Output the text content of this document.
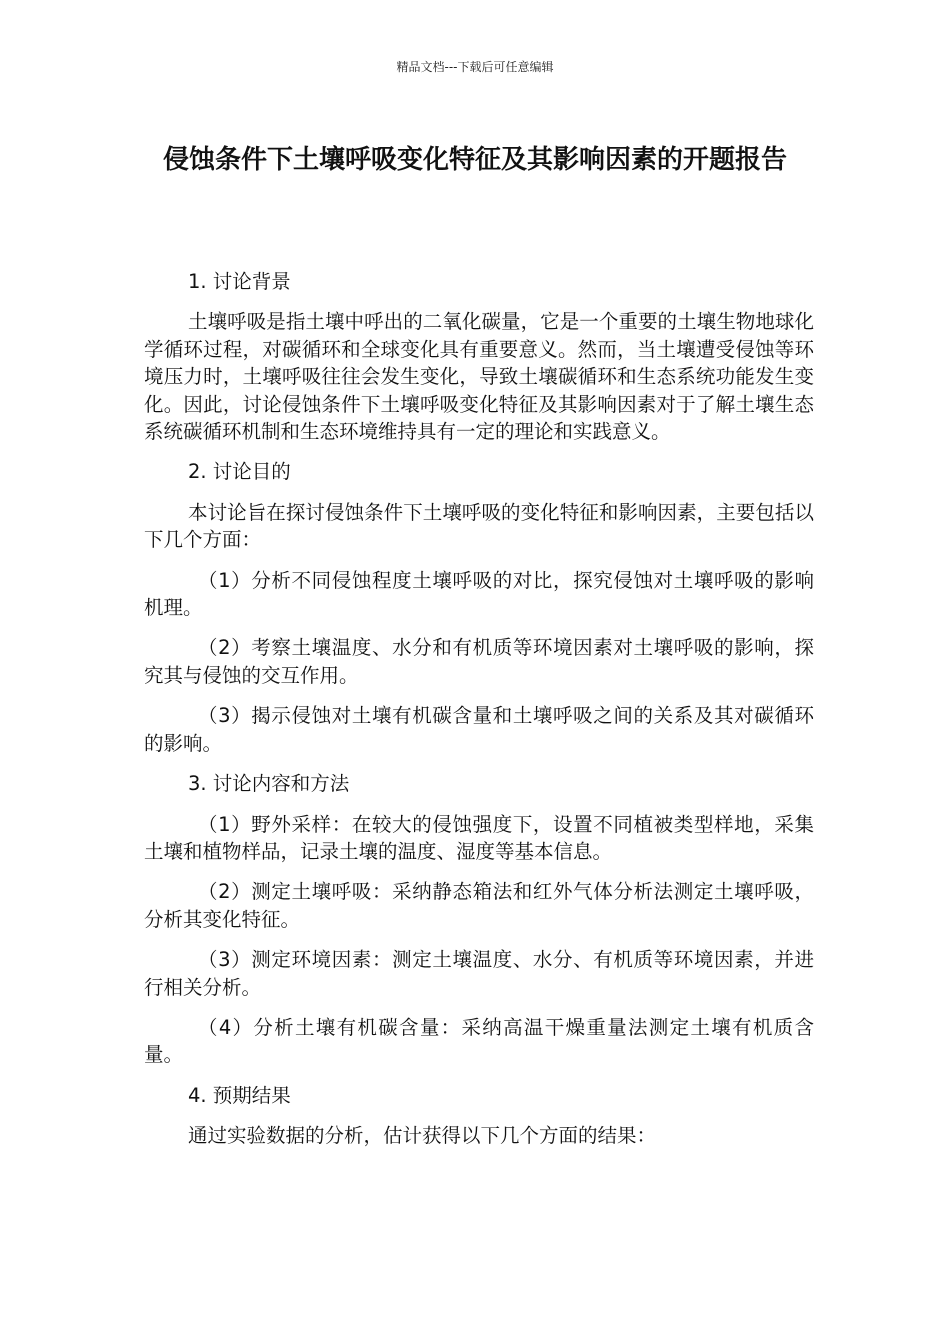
精品文档---下载后可任意编辑
侵蚀条件下土壤呼吸变化特征及其影响因素的开题报告
1. 讨论背景
土壤呼吸是指土壤中呼出的二氧化碳量，它是一个重要的土壤生物地球化学循环过程，对碳循环和全球变化具有重要意义。然而，当土壤遭受侵蚀等环境压力时，土壤呼吸往往会发生变化，导致土壤碳循环和生态系统功能发生变化。因此，讨论侵蚀条件下土壤呼吸变化特征及其影响因素对于了解土壤生态系统碳循环机制和生态环境维持具有一定的理论和实践意义。
2. 讨论目的
本讨论旨在探讨侵蚀条件下土壤呼吸的变化特征和影响因素，主要包括以下几个方面：
（1）分析不同侵蚀程度土壤呼吸的对比，探究侵蚀对土壤呼吸的影响机理。
（2）考察土壤温度、水分和有机质等环境因素对土壤呼吸的影响，探究其与侵蚀的交互作用。
（3）揭示侵蚀对土壤有机碳含量和土壤呼吸之间的关系及其对碳循环的影响。
3. 讨论内容和方法
（1）野外采样：在较大的侵蚀强度下，设置不同植被类型样地，采集土壤和植物样品，记录土壤的温度、湿度等基本信息。
（2）测定土壤呼吸：采纳静态箱法和红外气体分析法测定土壤呼吸，分析其变化特征。
（3）测定环境因素：测定土壤温度、水分、有机质等环境因素，并进行相关分析。
（4）分析土壤有机碳含量：采纳高温干燥重量法测定土壤有机质含量。
4. 预期结果
通过实验数据的分析，估计获得以下几个方面的结果：
